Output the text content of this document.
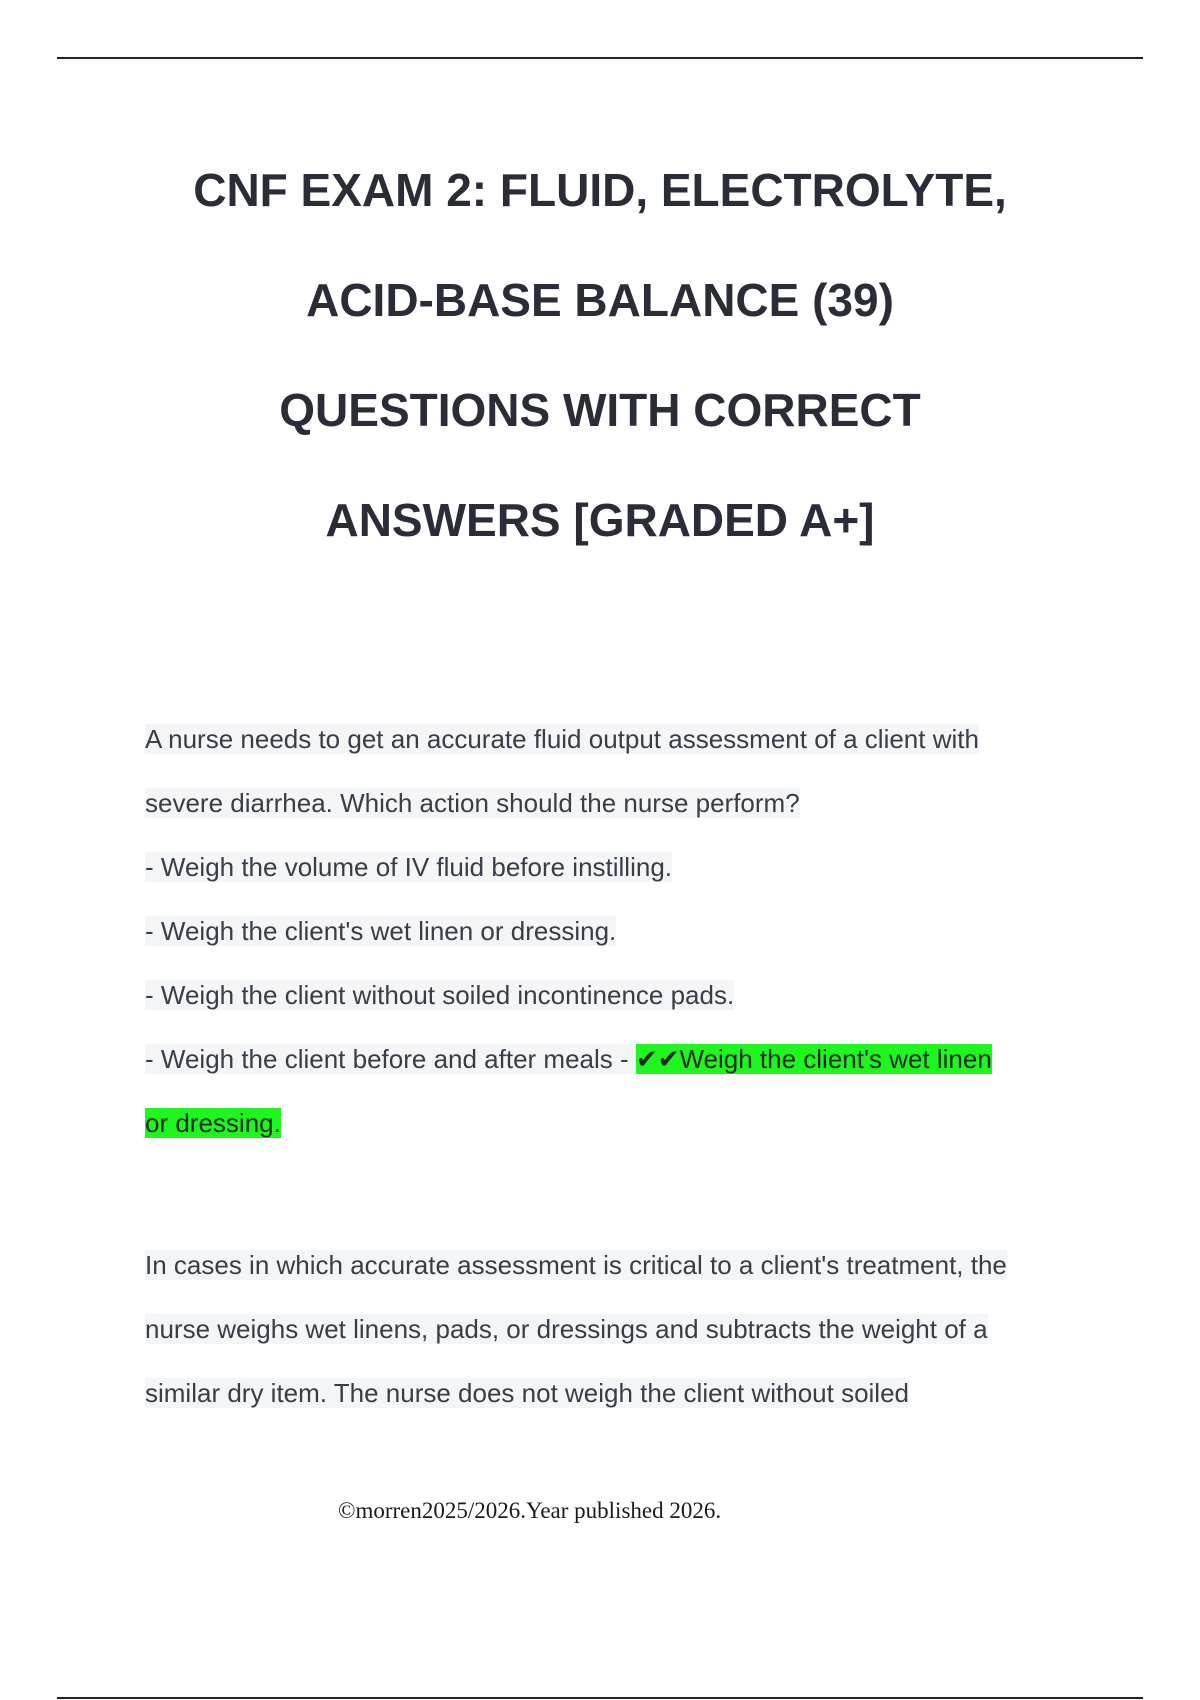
CNF EXAM 2: FLUID, ELECTROLYTE,
ACID-BASE BALANCE (39)
QUESTIONS WITH CORRECT
ANSWERS [GRADED A+]
A nurse needs to get an accurate fluid output assessment of a client with
severe diarrhea. Which action should the nurse perform?
- Weigh the volume of IV fluid before instilling.
- Weigh the client's wet linen or dressing.
- Weigh the client without soiled incontinence pads.
- Weigh the client before and after meals - ✔✔Weigh the client's wet linen
or dressing.
In cases in which accurate assessment is critical to a client's treatment, the
nurse weighs wet linens, pads, or dressings and subtracts the weight of a
similar dry item. The nurse does not weigh the client without soiled
©morren2025/2026.Year published 2026.
